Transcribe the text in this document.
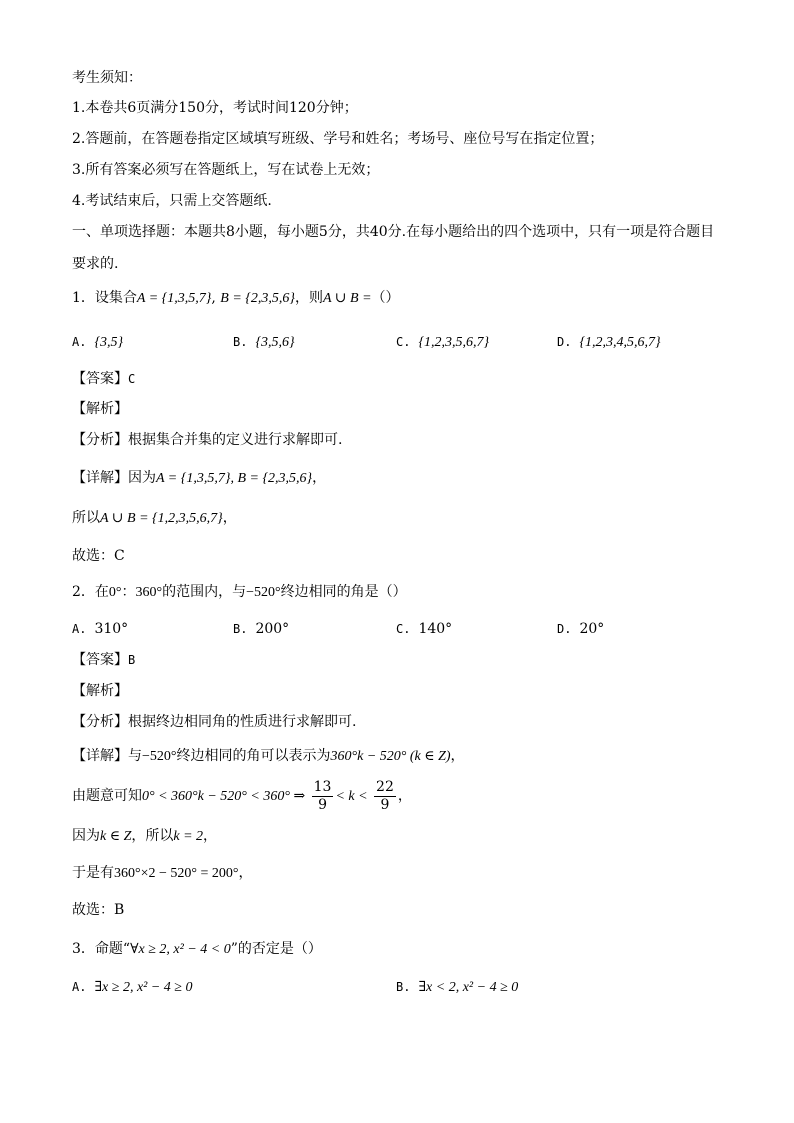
考生须知：
1.本卷共6页满分150分，考试时间120分钟；
2.答题前，在答题卷指定区域填写班级、学号和姓名；考场号、座位号写在指定位置；
3.所有答案必须写在答题纸上，写在试卷上无效；
4.考试结束后，只需上交答题纸.
一、单项选择题：本题共8小题，每小题5分，共40分.在每小题给出的四个选项中，只有一项是符合题目
要求的.
1．设集合A = {1,3,5,7}, B = {2,3,5,6}，则A ∪ B =（）
A. {3,5}	B. {3,5,6}	C. {1,2,3,5,6,7}	D. {1,2,3,4,5,6,7}
【答案】C
【解析】
【分析】根据集合并集的定义进行求解即可.
【详解】因为A = {1,3,5,7}, B = {2,3,5,6}，
所以A ∪ B = {1,2,3,5,6,7}，
故选：C
2．在0°：360°的范围内，与−520°终边相同的角是（）
A. 310°	B. 200°	C. 140°	D. 20°
【答案】B
【解析】
【分析】根据终边相同角的性质进行求解即可.
【详解】与−520°终边相同的角可以表示为360°k − 520° (k ∈ Z)，
由题意可知0° < 360°k − 520° < 360° ⇒ $\frac{13}{9} < k < \frac{22}{9}$ ，
因为k ∈ Z，所以k = 2，
于是有360°×2 − 520° = 200°，
故选：B
3．命题“∀x ≥ 2, x² − 4 < 0”的否定是（）
A. ∃x ≥ 2, x² − 4 ≥ 0	B. ∃x < 2, x² − 4 ≥ 0
